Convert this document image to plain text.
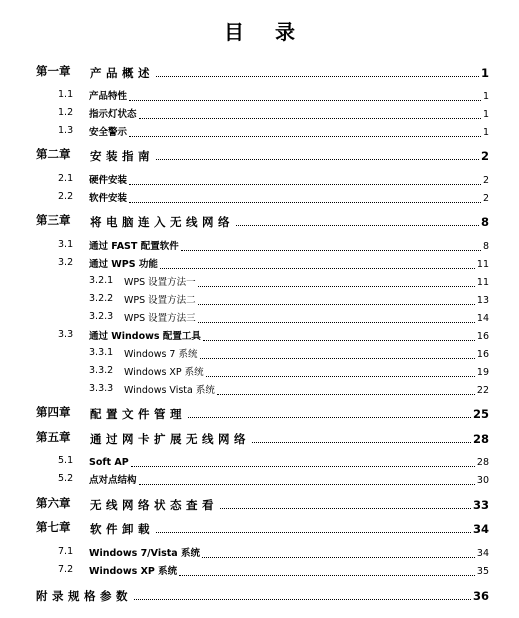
目 录
第一章	产品概述	1
1.1	产品特性	1
1.2	指示灯状态	1
1.3	安全警示	1
第二章	安装指南	2
2.1	硬件安装	2
2.2	软件安装	2
第三章	将电脑连入无线网络	8
3.1	通过 FAST 配置软件	8
3.2	通过 WPS 功能	11
3.2.1	WPS 设置方法一	11
3.2.2	WPS 设置方法二	13
3.2.3	WPS 设置方法三	14
3.3	通过 Windows 配置工具	16
3.3.1	Windows 7 系统	16
3.3.2	Windows XP 系统	19
3.3.3	Windows Vista 系统	22
第四章	配置文件管理	25
第五章	通过网卡扩展无线网络	28
5.1	Soft AP	28
5.2	点对点结构	30
第六章	无线网络状态查看	33
第七章	软件卸载	34
7.1	Windows 7/Vista 系统	34
7.2	Windows XP 系统	35
附录规格参数	36
